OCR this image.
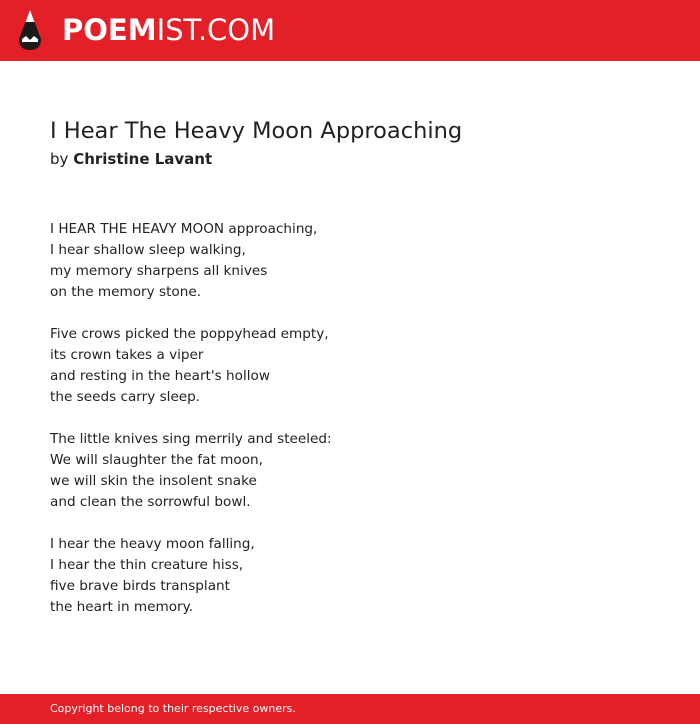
POEMIST.COM
I Hear The Heavy Moon Approaching
by Christine Lavant
I HEAR THE HEAVY MOON approaching,
I hear shallow sleep walking,
my memory sharpens all knives
on the memory stone.
Five crows picked the poppyhead empty,
its crown takes a viper
and resting in the heart's hollow
the seeds carry sleep.
The little knives sing merrily and steeled:
We will slaughter the fat moon,
we will skin the insolent snake
and clean the sorrowful bowl.
I hear the heavy moon falling,
I hear the thin creature hiss,
five brave birds transplant
the heart in memory.
Copyright belong to their respective owners.
